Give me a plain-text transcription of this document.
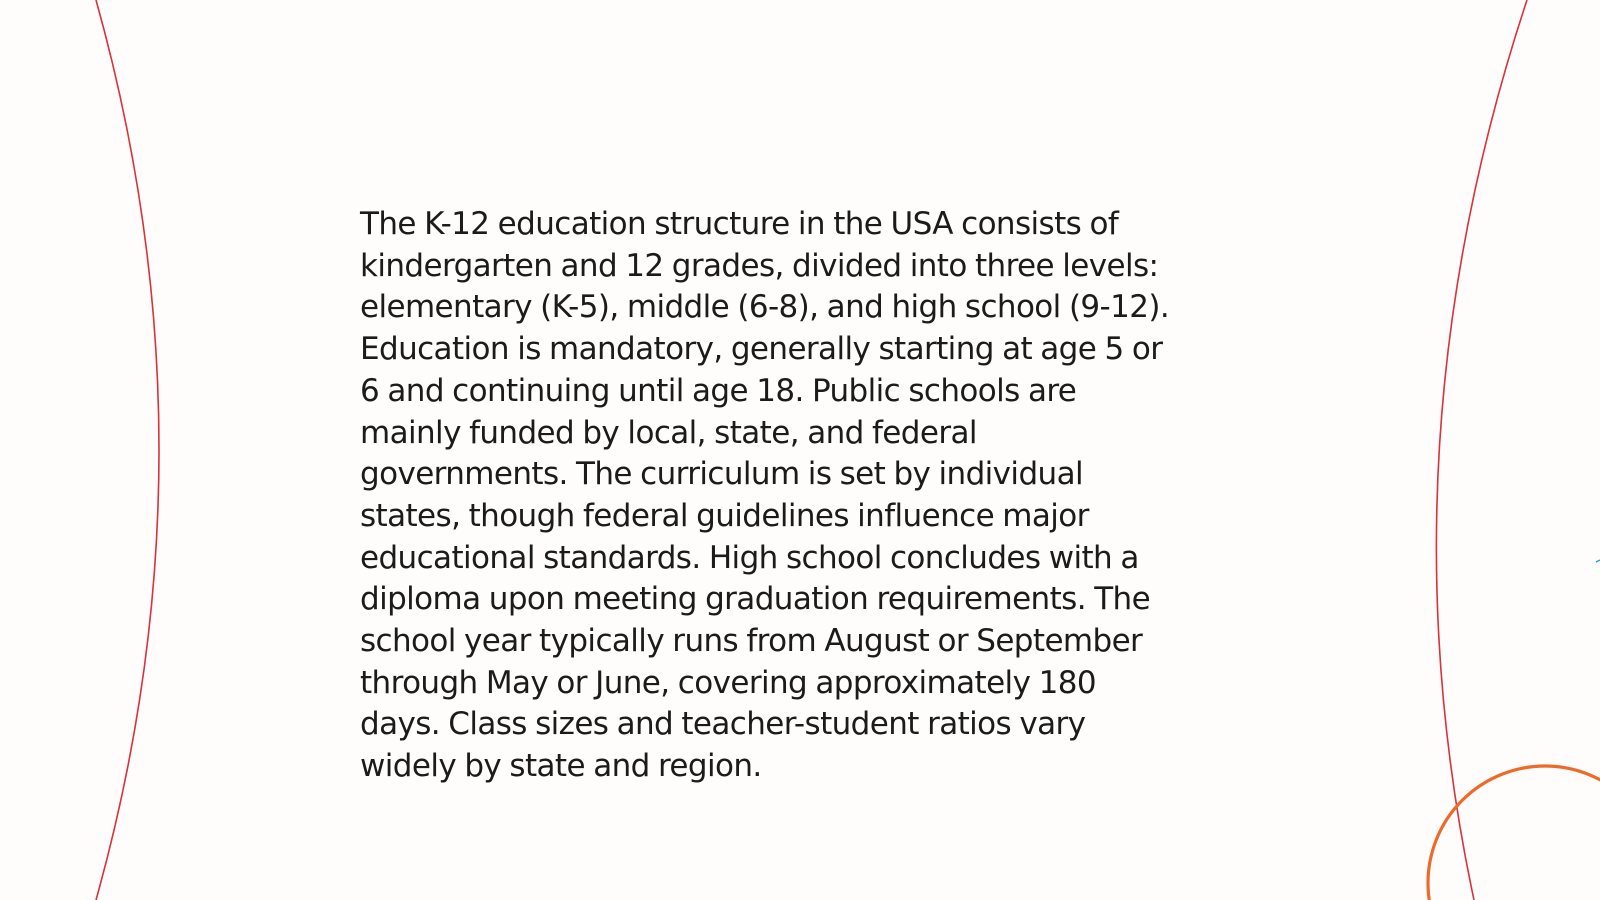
The K-12 education structure in the USA consists of
kindergarten and 12 grades, divided into three levels:
elementary (K-5), middle (6-8), and high school (9-12).
Education is mandatory, generally starting at age 5 or
6 and continuing until age 18. Public schools are
mainly funded by local, state, and federal
governments. The curriculum is set by individual
states, though federal guidelines influence major
educational standards. High school concludes with a
diploma upon meeting graduation requirements. The
school year typically runs from August or September
through May or June, covering approximately 180
days. Class sizes and teacher-student ratios vary
widely by state and region.
